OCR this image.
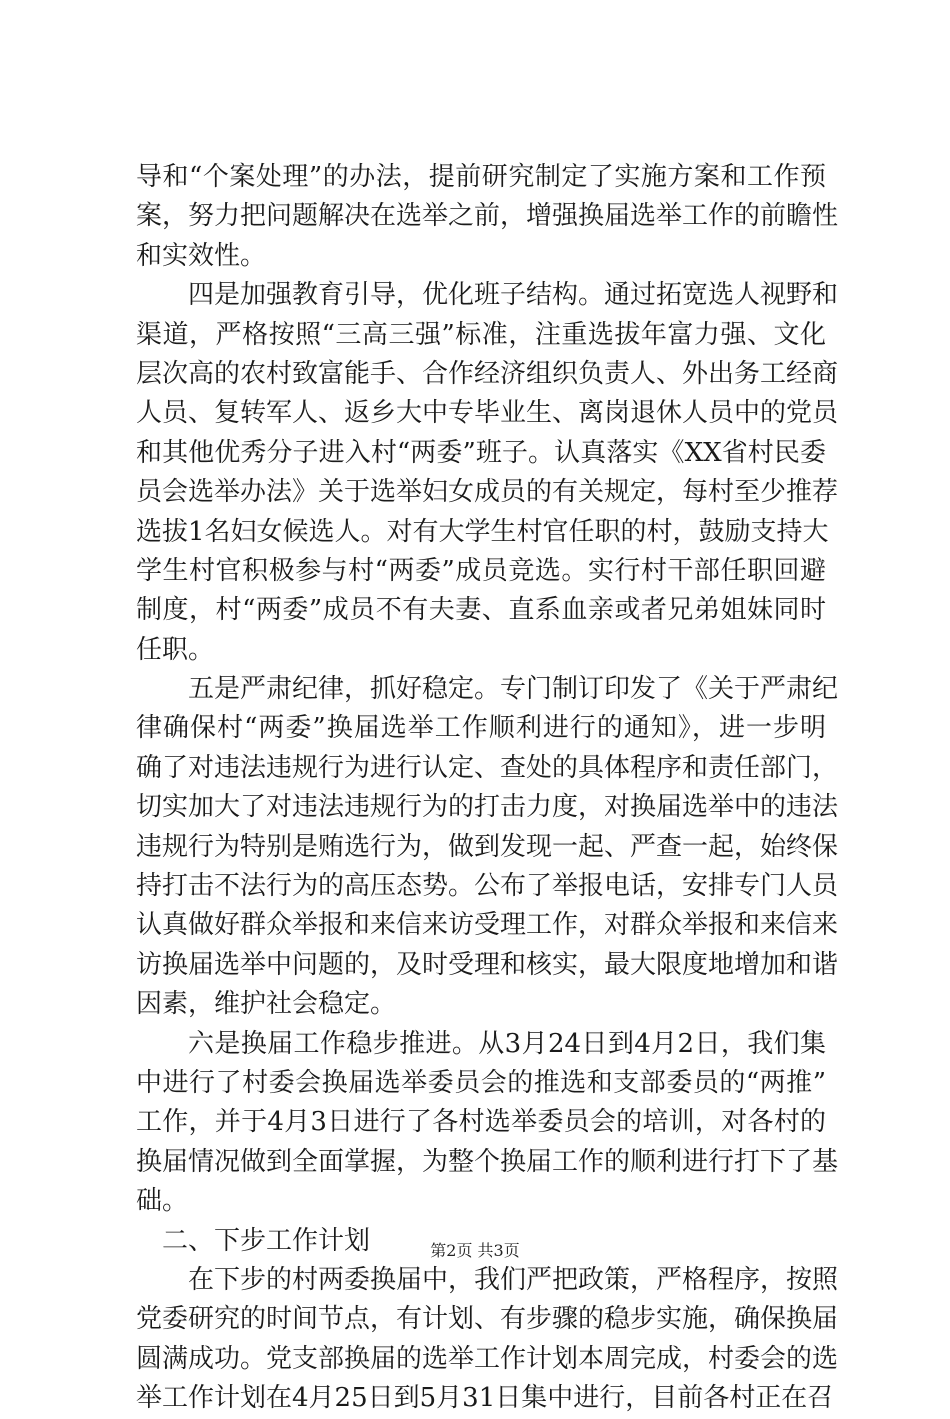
导和“个案处理”的办法，提前研究制定了实施方案和工作预
案，努力把问题解决在选举之前，增强换届选举工作的前瞻性
和实效性。
四是加强教育引导，优化班子结构。通过拓宽选人视野和
渠道，严格按照“三高三强”标准，注重选拔年富力强、文化
层次高的农村致富能手、合作经济组织负责人、外出务工经商
人员、复转军人、返乡大中专毕业生、离岗退休人员中的党员
和其他优秀分子进入村“两委”班子。认真落实《XX省村民委
员会选举办法》关于选举妇女成员的有关规定，每村至少推荐
选拔1名妇女候选人。对有大学生村官任职的村，鼓励支持大
学生村官积极参与村“两委”成员竞选。实行村干部任职回避
制度，村“两委”成员不有夫妻、直系血亲或者兄弟姐妹同时
任职。
五是严肃纪律，抓好稳定。专门制订印发了《关于严肃纪
律确保村“两委”换届选举工作顺利进行的通知》，进一步明
确了对违法违规行为进行认定、查处的具体程序和责任部门，
切实加大了对违法违规行为的打击力度，对换届选举中的违法
违规行为特别是贿选行为，做到发现一起、严查一起，始终保
持打击不法行为的高压态势。公布了举报电话，安排专门人员
认真做好群众举报和来信来访受理工作，对群众举报和来信来
访换届选举中问题的，及时受理和核实，最大限度地增加和谐
因素，维护社会稳定。
六是换届工作稳步推进。从3月24日到4月2日，我们集
中进行了村委会换届选举委员会的推选和支部委员的“两推”
工作，并于4月3日进行了各村选举委员会的培训，对各村的
换届情况做到全面掌握，为整个换届工作的顺利进行打下了基
础。
二、下步工作计划
在下步的村两委换届中，我们严把政策，严格程序，按照
党委研究的时间节点，有计划、有步骤的稳步实施，确保换届
圆满成功。党支部换届的选举工作计划本周完成，村委会的选
举工作计划在4月25日到5月31日集中进行，目前各村正在召
第2页 共3页
